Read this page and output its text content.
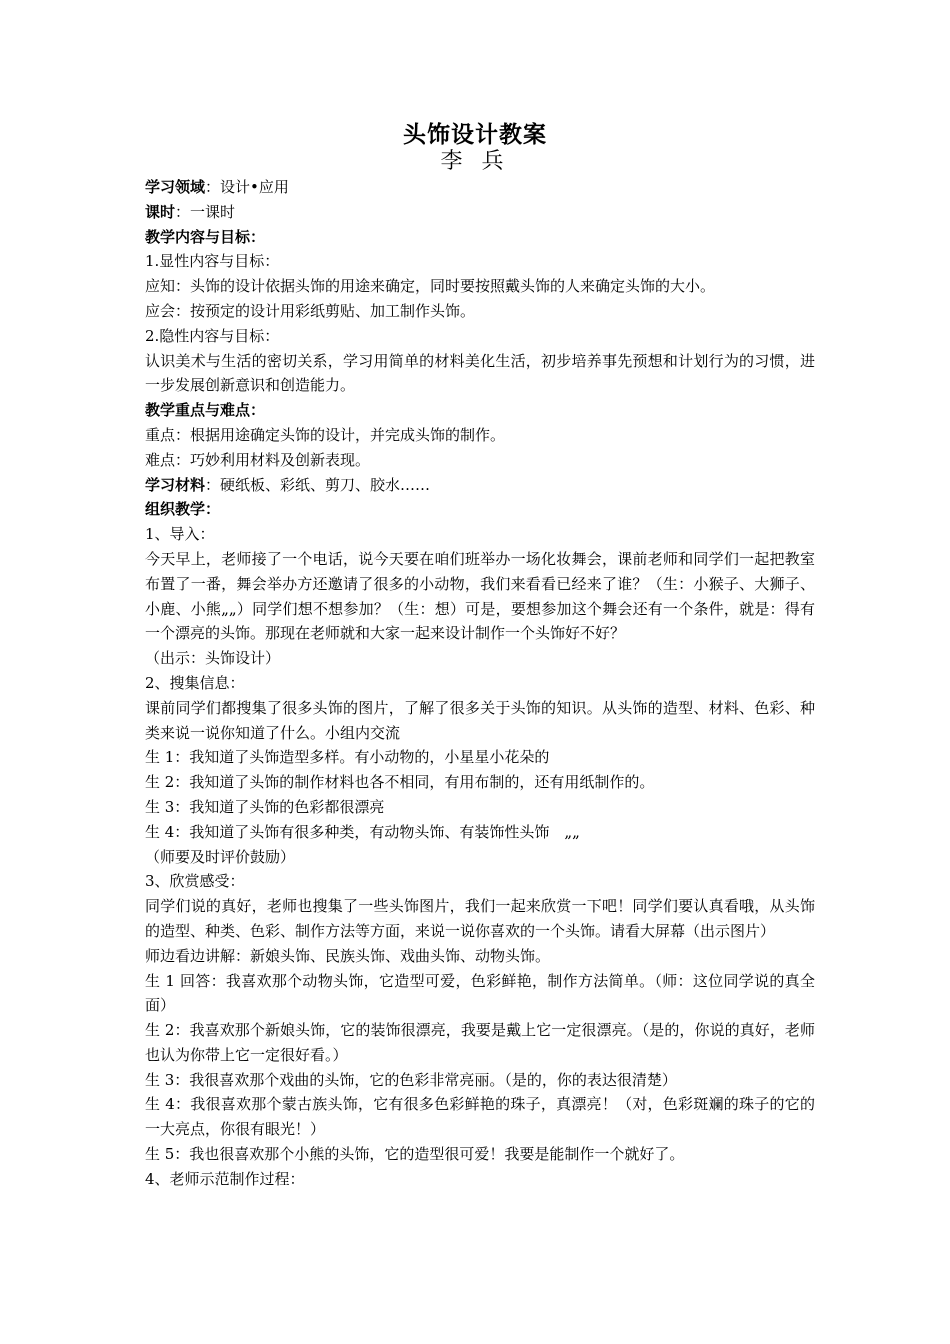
头饰设计教案
李 兵

学习领域：设计•应用

课时：一课时

教学内容与目标：

1.显性内容与目标：

应知：头饰的设计依据头饰的用途来确定，同时要按照戴头饰的人来确定头饰的大小。

应会：按预定的设计用彩纸剪贴、加工制作头饰。

2.隐性内容与目标：

认识美术与生活的密切关系，学习用简单的材料美化生活，初步培养事先预想和计划行为的习惯，进一步发展创新意识和创造能力。

教学重点与难点：

重点：根据用途确定头饰的设计，并完成头饰的制作。

难点：巧妙利用材料及创新表现。

学习材料：硬纸板、彩纸、剪刀、胶水……

组织教学：

1、导入：

今天早上，老师接了一个电话，说今天要在咱们班举办一场化妆舞会，课前老师和同学们一起把教室布置了一番，舞会举办方还邀请了很多的小动物，我们来看看已经来了谁？（生：小猴子、大狮子、小鹿、小熊„„）同学们想不想参加？（生：想）可是，要想参加这个舞会还有一个条件，就是：得有一个漂亮的头饰。那现在老师就和大家一起来设计制作一个头饰好不好？

（出示：头饰设计）

2、搜集信息：

课前同学们都搜集了很多头饰的图片，了解了很多关于头饰的知识。从头饰的造型、材料、色彩、种类来说一说你知道了什么。小组内交流

生 1：我知道了头饰造型多样。有小动物的，小星星小花朵的

生 2：我知道了头饰的制作材料也各不相同，有用布制的，还有用纸制作的。

生 3：我知道了头饰的色彩都很漂亮

生 4：我知道了头饰有很多种类，有动物头饰、有装饰性头饰　„„

（师要及时评价鼓励）

3、欣赏感受：

同学们说的真好，老师也搜集了一些头饰图片，我们一起来欣赏一下吧！同学们要认真看哦，从头饰的造型、种类、色彩、制作方法等方面，来说一说你喜欢的一个头饰。请看大屏幕（出示图片）

师边看边讲解：新娘头饰、民族头饰、戏曲头饰、动物头饰。

生 1 回答：我喜欢那个动物头饰，它造型可爱，色彩鲜艳，制作方法简单。（师：这位同学说的真全面）

生 2：我喜欢那个新娘头饰，它的装饰很漂亮，我要是戴上它一定很漂亮。（是的，你说的真好，老师也认为你带上它一定很好看。）

生 3：我很喜欢那个戏曲的头饰，它的色彩非常亮丽。（是的，你的表达很清楚）

生 4：我很喜欢那个蒙古族头饰，它有很多色彩鲜艳的珠子，真漂亮！（对，色彩斑斓的珠子的它的一大亮点，你很有眼光！）

生 5：我也很喜欢那个小熊的头饰，它的造型很可爱！我要是能制作一个就好了。

4、老师示范制作过程：
